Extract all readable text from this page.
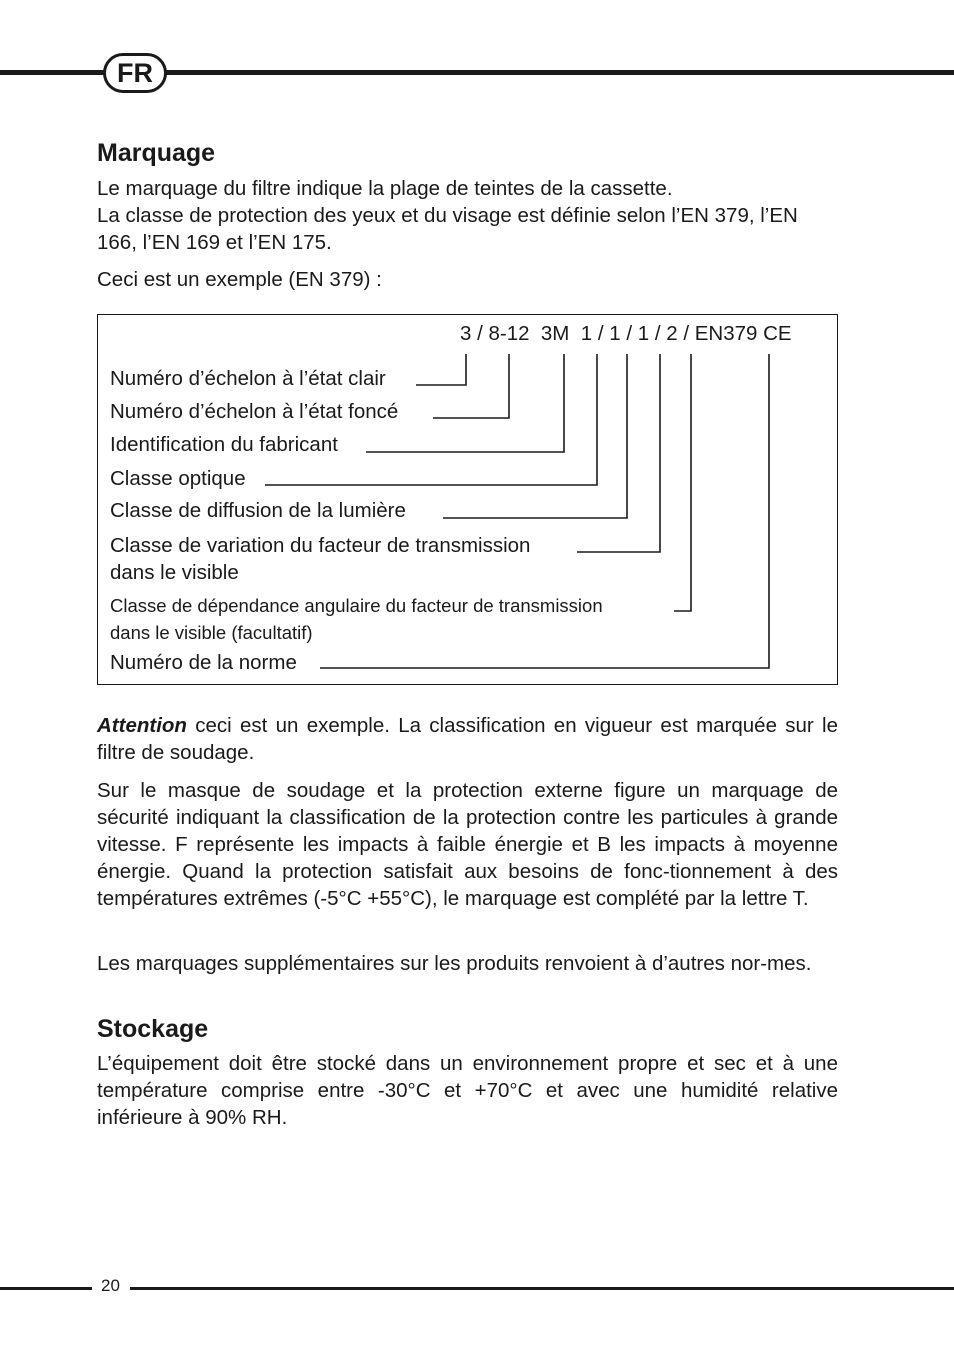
FR
Marquage

Le marquage du filtre indique la plage de teintes de la cassette.

La classe de protection des yeux et du visage est définie selon l’EN 379, l’EN 166, l’EN 169 et l’EN 175.

Ceci est un exemple (EN 379) :

3 / 8-12  3M  1 / 1 / 1 / 2 / EN379 CE
Numéro d’échelon à l’état clair
Numéro d’échelon à l’état foncé
Identification du fabricant
Classe optique
Classe de diffusion de la lumière
Classe de variation du facteur de transmission
dans le visible
Classe de dépendance angulaire du facteur de transmission
dans le visible (facultatif)
Numéro de la norme

Attention ceci est un exemple. La classification en vigueur est marquée sur le filtre de soudage.

Sur le masque de soudage et la protection externe figure un marquage de sécurité indiquant la classification de la protection contre les particules à grande vitesse. F représente les impacts à faible énergie et B les impacts à moyenne énergie. Quand la protection satisfait aux besoins de fonc-tionnement à des températures extrêmes (-5°C +55°C), le marquage est complété par la lettre T.

Les marquages supplémentaires sur les produits renvoient à d’autres nor-mes.

Stockage

L’équipement doit être stocké dans un environnement propre et sec et à une température comprise entre -30°C et +70°C et avec une humidité relative inférieure à 90% RH.

20
